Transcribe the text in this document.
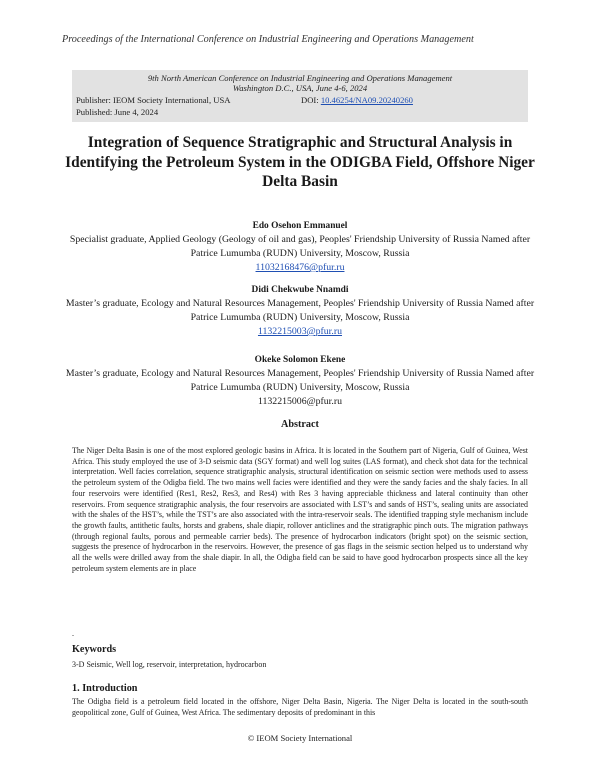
Proceedings of the International Conference on Industrial Engineering and Operations Management
9th North American Conference on Industrial Engineering and Operations Management
Washington D.C., USA, June 4-6, 2024
Publisher: IEOM Society International, USA	DOI: 10.46254/NA09.20240260
Published: June 4, 2024
Integration of Sequence Stratigraphic and Structural Analysis in Identifying the Petroleum System in the ODIGBA Field, Offshore Niger Delta Basin
Edo Osehon Emmanuel
Specialist graduate, Applied Geology (Geology of oil and gas), Peoples' Friendship University of Russia Named after Patrice Lumumba (RUDN) University, Moscow, Russia
11032168476@pfur.ru
Didi Chekwube Nnamdi
Master’s graduate, Ecology and Natural Resources Management, Peoples' Friendship University of Russia Named after Patrice Lumumba (RUDN) University, Moscow, Russia
1132215003@pfur.ru
Okeke Solomon Ekene
Master’s graduate, Ecology and Natural Resources Management, Peoples' Friendship University of Russia Named after Patrice Lumumba (RUDN) University, Moscow, Russia
1132215006@pfur.ru
Abstract
The Niger Delta Basin is one of the most explored geologic basins in Africa. It is located in the Southern part of Nigeria, Gulf of Guinea, West Africa. This study employed the use of 3-D seismic data (SGY format) and well log suites (LAS format), and check shot data for the technical interpretation. Well facies correlation, sequence stratigraphic analysis, structural identification on seismic section were methods used to assess the petroleum system of the Odigba field. The two mains well facies were identified and they were the sandy facies and the shaly facies. In all four reservoirs were identified (Res1, Res2, Res3, and Res4) with Res 3 having appreciable thickness and lateral continuity than other reservoirs. From sequence stratigraphic analysis, the four reservoirs are associated with LST’s and sands of HST’s, sealing units are associated with the shales of the HST’s, while the TST’s are also associated with the intra-reservoir seals. The identified trapping style mechanism include the growth faults, antithetic faults, horsts and grabens, shale diapir, rollover anticlines and the stratigraphic pinch outs. The migration pathways (through regional faults, porous and permeable carrier beds). The presence of hydrocarbon indicators (bright spot) on the seismic section, suggests the presence of hydrocarbon in the reservoirs. However, the presence of gas flags in the seismic section helped us to understand why all the wells were drilled away from the shale diapir. In all, the Odigba field can be said to have good hydrocarbon prospects since all the key petroleum system elements are in place
.
Keywords
3-D Seismic, Well log, reservoir, interpretation, hydrocarbon
1. Introduction
The Odigba field is a petroleum field located in the offshore, Niger Delta Basin, Nigeria. The Niger Delta is located in the south-south geopolitical zone, Gulf of Guinea, West Africa. The sedimentary deposits of predominant in this
© IEOM Society International
